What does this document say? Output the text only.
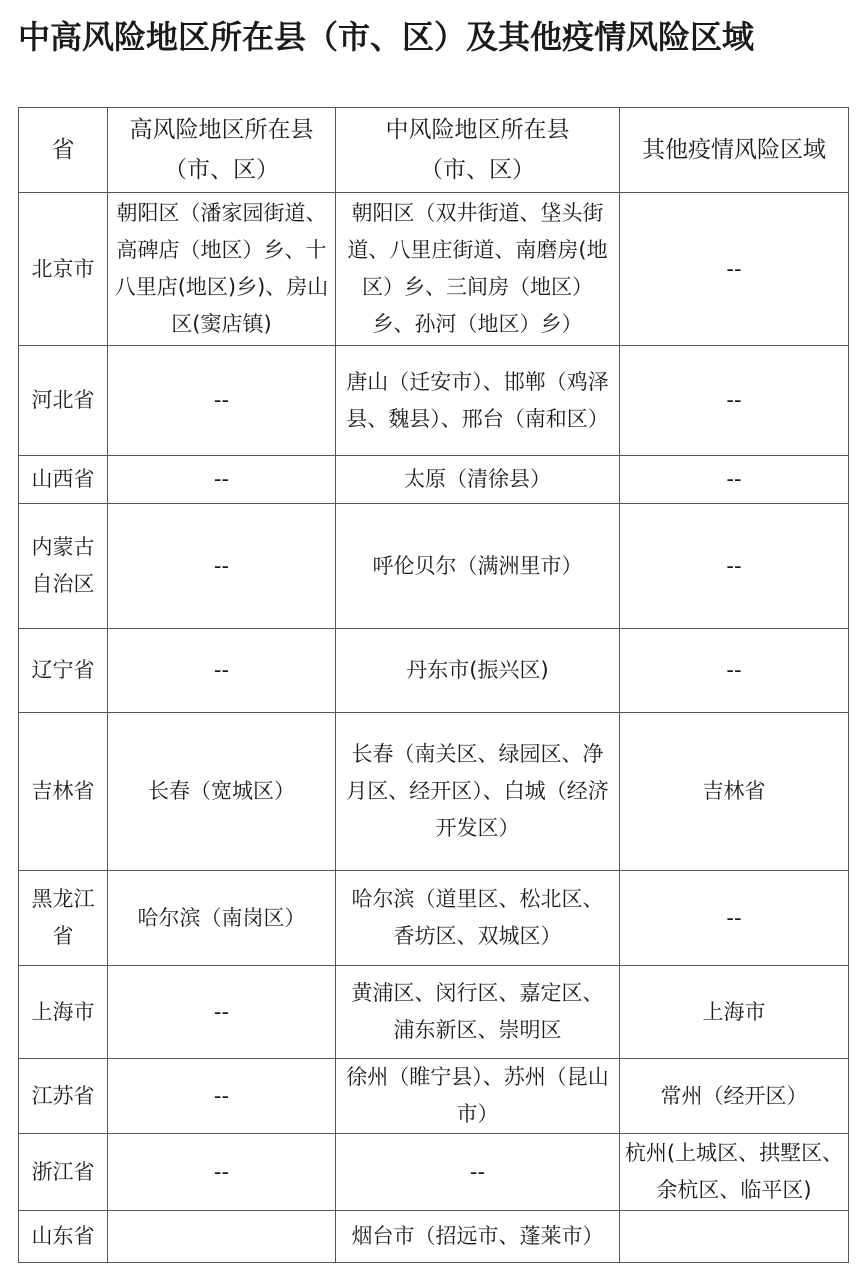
中高风险地区所在县（市、区）及其他疫情风险区域
省	高风险地区所在县（市、区）	中风险地区所在县（市、区）	其他疫情风险区域
北京市	朝阳区（潘家园街道、高碑店（地区）乡、十八里店(地区)乡)、房山区(窦店镇)	朝阳区（双井街道、垡头街道、八里庄街道、南磨房(地区）乡、三间房（地区）乡、孙河（地区）乡）	--
河北省	--	唐山（迁安市）、邯郸（鸡泽县、魏县）、邢台（南和区）	--
山西省	--	太原（清徐县）	--
内蒙古自治区	--	呼伦贝尔（满洲里市）	--
辽宁省	--	丹东市(振兴区)	--
吉林省	长春（宽城区）	长春（南关区、绿园区、净月区、经开区）、白城（经济开发区）	吉林省
黑龙江省	哈尔滨（南岗区）	哈尔滨（道里区、松北区、香坊区、双城区）	--
上海市	--	黄浦区、闵行区、嘉定区、浦东新区、崇明区	上海市
江苏省	--	徐州（睢宁县）、苏州（昆山市）	常州（经开区）
浙江省	--	--	杭州(上城区、拱墅区、余杭区、临平区)
山东省		烟台市（招远市、蓬莱市）	
